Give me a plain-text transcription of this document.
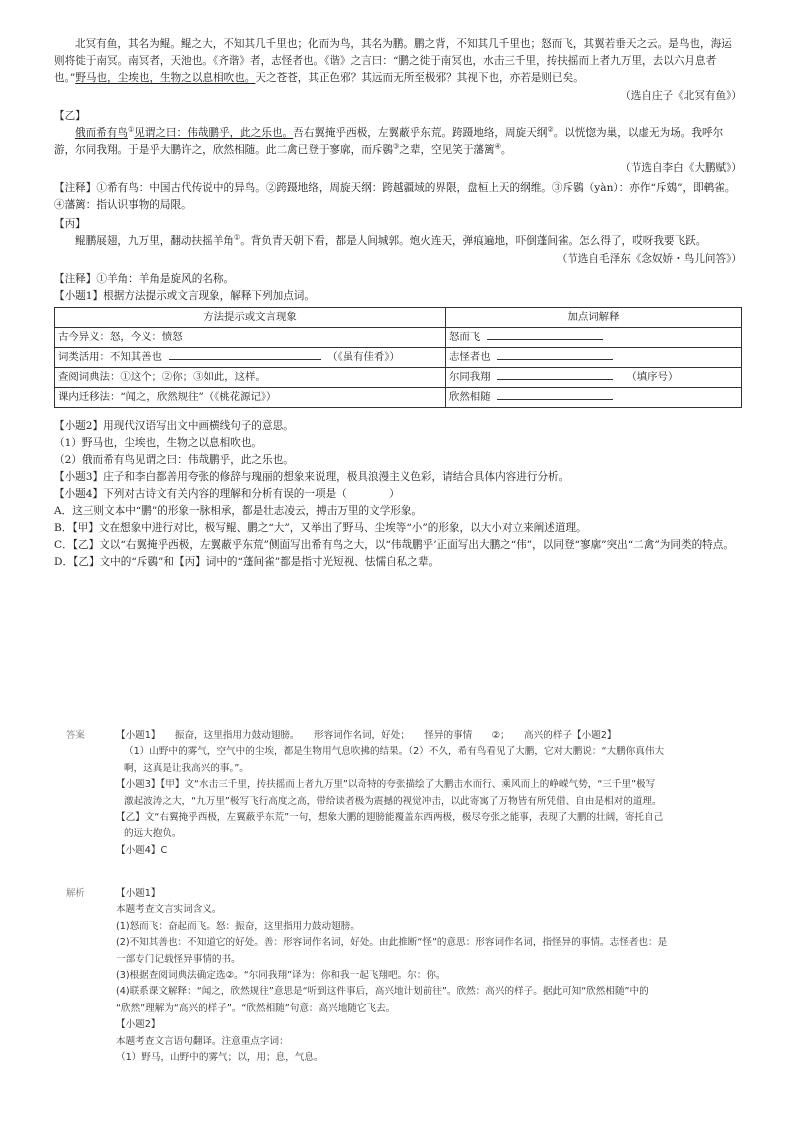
北冥有鱼，其名为鲲。鲲之大，不知其几千里也；化而为鸟，其名为鹏。鹏之背，不知其几千里也；怒而飞，其翼若垂天之云。是鸟也，海运则将徙于南冥。南冥者，天池也。《齐谐》者，志怪者也。《谐》之言曰：“鹏之徙于南冥也，水击三千里，抟扶摇而上者九万里，去以六月息者也。”野马也，尘埃也，生物之以息相吹也。天之苍苍，其正色邪？其远而无所至极邪？其视下也，亦若是则已矣。

（选自庄子《北冥有鱼》）

【乙】

俄而希有鸟①见谓之曰：伟哉鹏乎，此之乐也。吾右翼掩乎西极，左翼蔽乎东荒。跨蹑地络，周旋天纲②。以恍惚为巢，以虚无为场。我呼尔游，尔同我翔。于是乎大鹏许之，欣然相随。此二禽已登于寥廓，而斥鷃③之辈，空见笑于藩篱④。

（节选自李白《大鹏赋》）

【注释】①希有鸟：中国古代传说中的异鸟。②跨蹑地络，周旋天纲：跨越疆域的界限，盘桓上天的纲维。③斥鷃（yàn）：亦作“斥鴳”，即鹌雀。④藩篱：指认识事物的局限。

【丙】

鲲鹏展翅，九万里，翻动扶摇羊角①。背负青天朝下看，都是人间城郭。炮火连天，弹痕遍地，吓倒蓬间雀。怎么得了，哎呀我要飞跃。

（节选自毛泽东《念奴娇・鸟儿问答》）

【注释】①羊角：羊角是旋风的名称。

【小题1】根据方法提示或文言现象，解释下列加点词。

方法提示或文言现象	加点词解释
古今异义：怒，今义：愤怒	怒而飞
词类活用：不知其善也 （《虽有佳肴》）	志怪者也
查阅词典法：①这个；②你；③如此，这样。	尔同我翔 （填序号）
课内迁移法：“闻之，欣然规往”（《桃花源记》）	欣然相随

【小题2】用现代汉语写出文中画横线句子的意思。

（1）野马也，尘埃也，生物之以息相吹也。

（2）俄而希有鸟见谓之曰：伟哉鹏乎，此之乐也。

【小题3】庄子和李白都善用夸张的修辞与瑰丽的想象来说理，极具浪漫主义色彩，请结合具体内容进行分析。

【小题4】下列对古诗文有关内容的理解和分析有误的一项是（　　　　）

A．这三则文本中“鹏”的形象一脉相承，都是壮志凌云，搏击万里的文学形象。

B．【甲】文在想象中进行对比，极写鲲、鹏之“大”，又举出了野马、尘埃等“小”的形象，以大小对立来阐述道理。

C．【乙】文以“右翼掩乎西极，左翼蔽乎东荒”侧面写出希有鸟之大，以“伟哉鹏乎’正面写出大鹏之“伟”，以同登“寥廓”突出“二禽”为同类的特点。

D．【乙】文中的“斥鷃”和【丙】词中的“蓬间雀”都是指寸光短视、怯懦自私之辈。

答案	【小题1】　　振奋，这里指用力鼓动翅膀。　　形容词作名词，好处；　　怪异的事情　　②；　　高兴的样子【小题2】

（1）山野中的雾气，空气中的尘埃，都是生物用气息吹拂的结果。（2）不久，希有鸟看见了大鹏，它对大鹏说：“大鹏你真伟大

啊，这真是让我高兴的事。”。

【小题3】【甲】文“水击三千里，抟扶摇而上者九万里”以奇特的夸张描绘了大鹏击水而行、乘风而上的峥嵘气势，“三千里”极写

激起波涛之大，“九万里”极写飞行高度之高，带给读者极为震撼的视觉冲击，以此寄寓了万物皆有所凭借、自由是相对的道理。

【乙】文“右翼掩乎西极，左翼蔽乎东荒”一句，想象大鹏的翅膀能覆盖东西两极，极尽夸张之能事，表现了大鹏的壮阔，寄托自己

的远大抱负。

【小题4】C

解析	【小题1】

本题考查文言实词含义。

(1)怒而飞：奋起而飞。怒：振奋，这里指用力鼓动翅膀。

(2)不知其善也：不知道它的好处。善：形容词作名词，好处。由此推断“怪”的意思：形容词作名词，指怪异的事情。志怪者也：是

一部专门记载怪异事情的书。

(3)根据查阅词典法确定选②。“尔同我翔”译为：你和我一起飞翔吧。尔：你。

(4)联系课文解释：“闻之，欣然规往”意思是“听到这件事后，高兴地计划前往”。欣然：高兴的样子。据此可知“欣然相随”中的

“欣然”理解为“高兴的样子”。“欣然相随”句意：高兴地随它飞去。

【小题2】

本题考查文言语句翻译。注意重点字词：

（1）野马，山野中的雾气；以，用；息，气息。
